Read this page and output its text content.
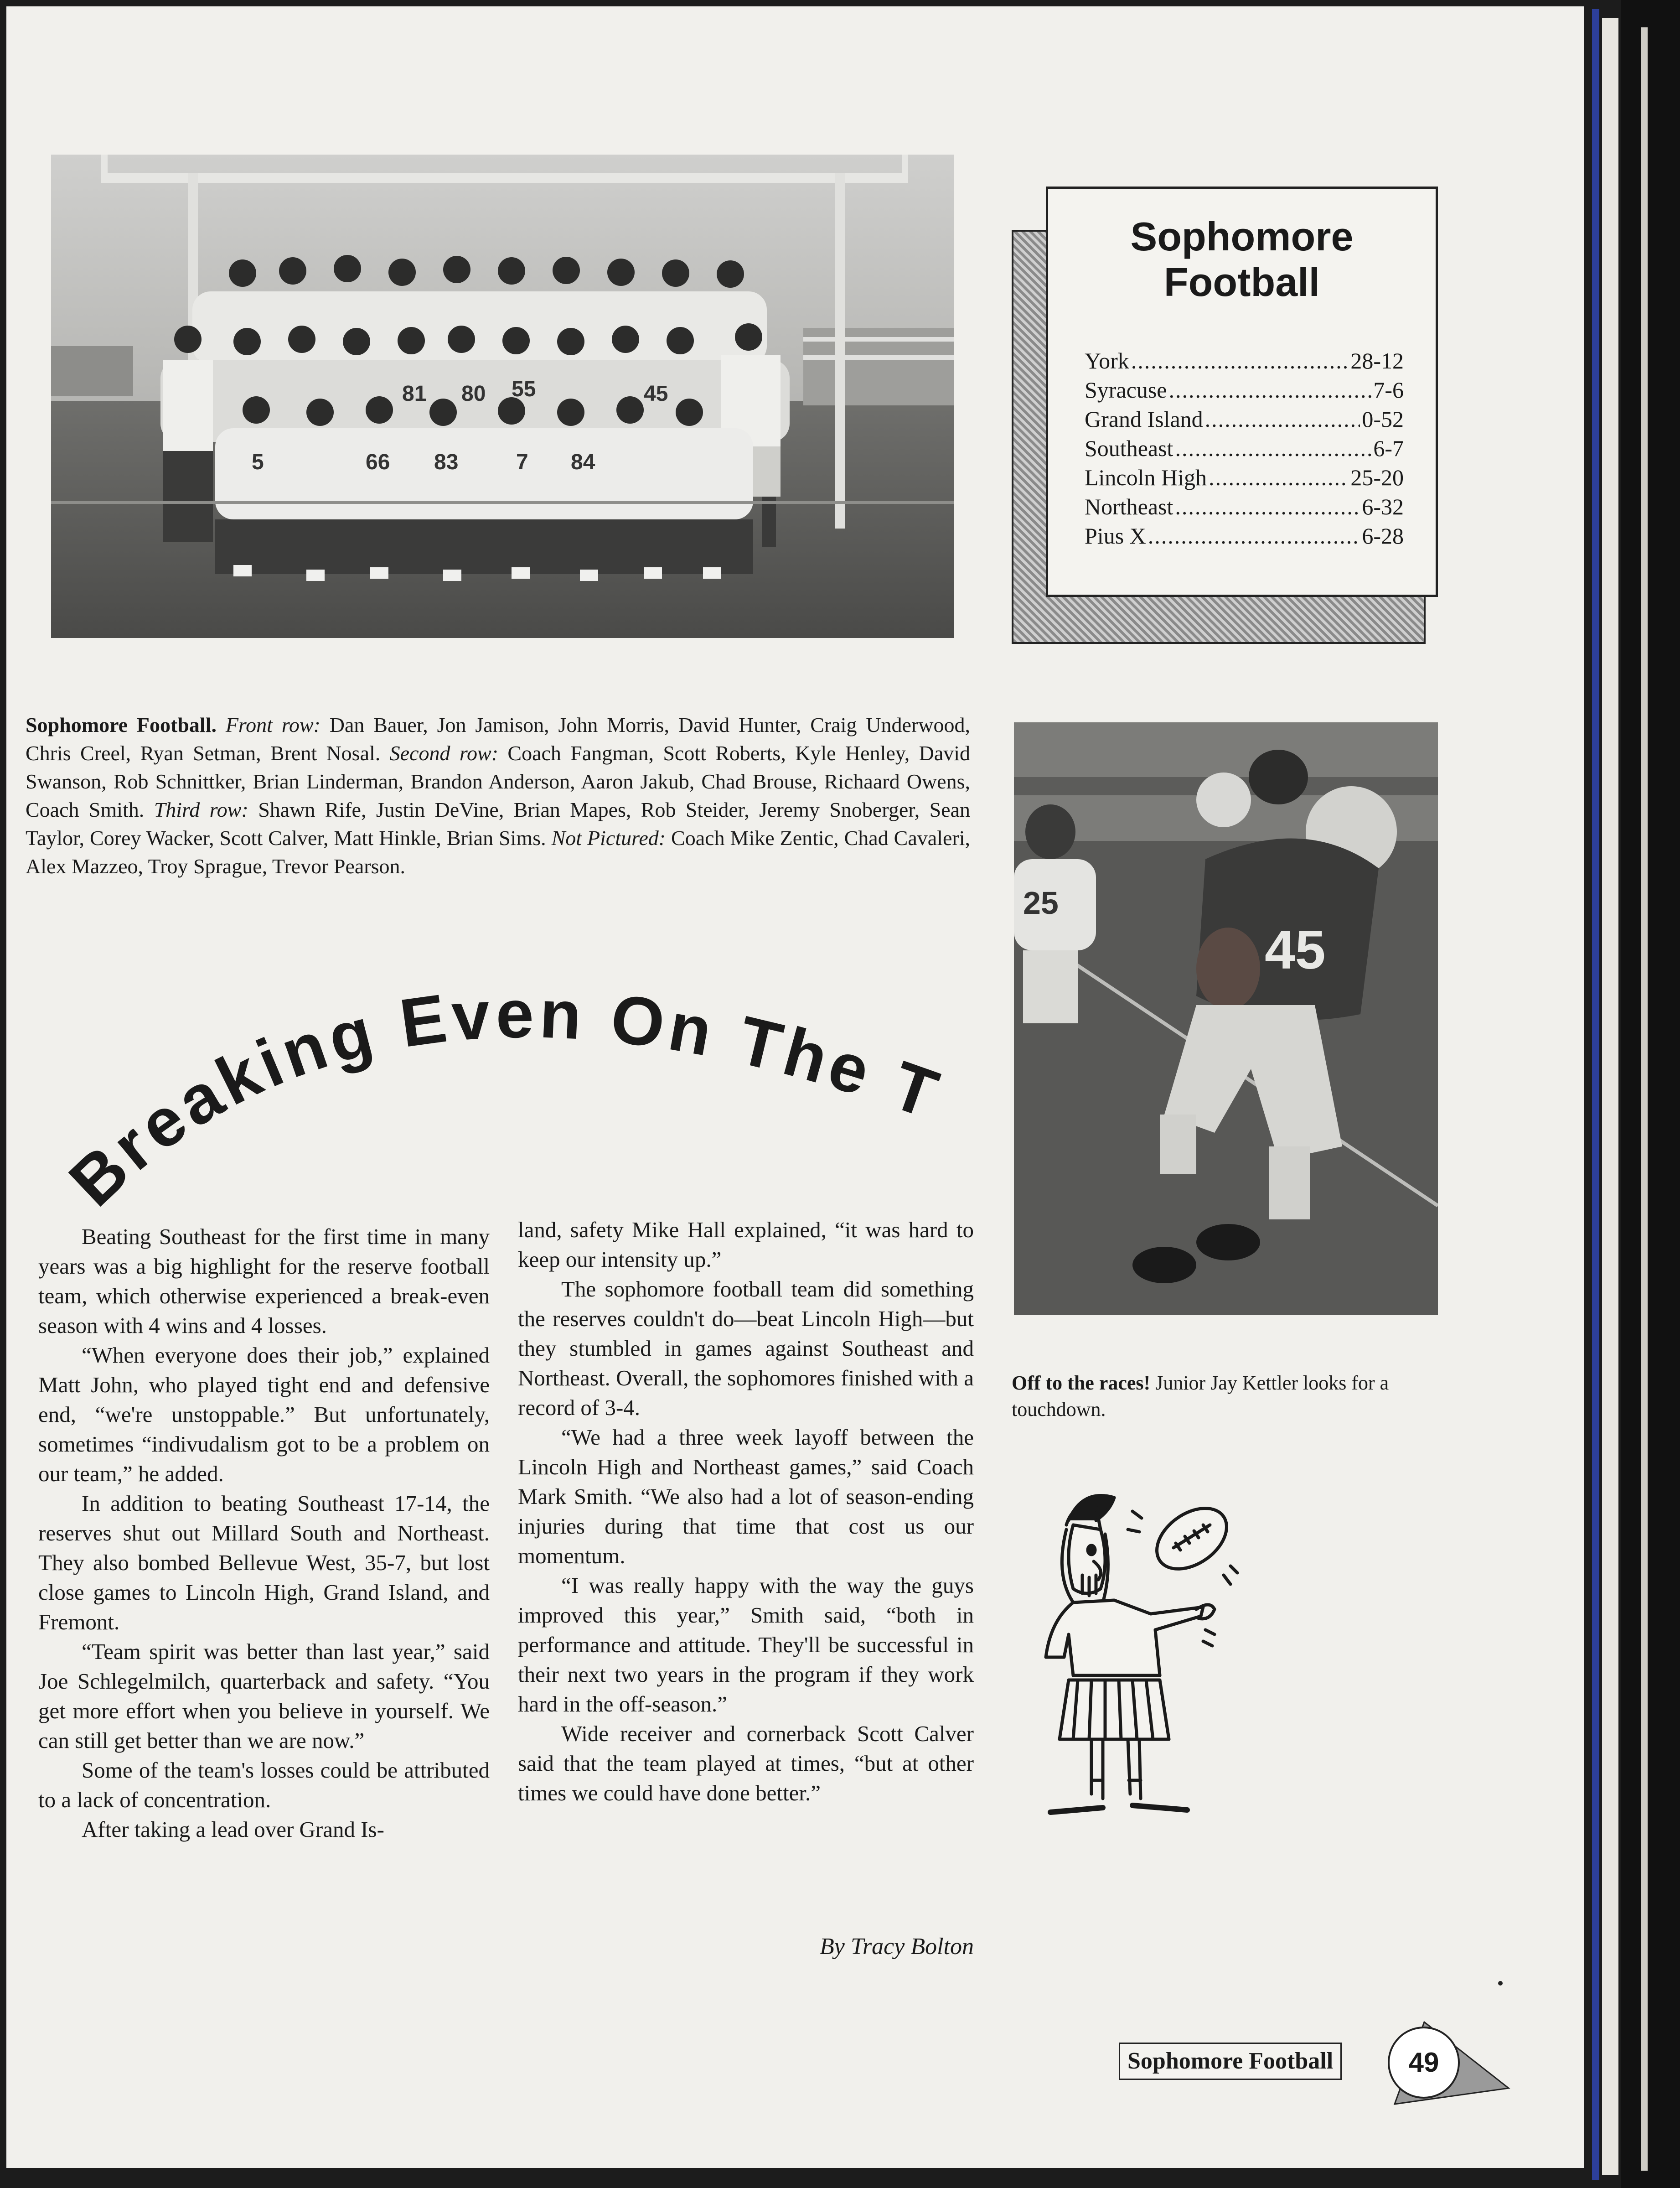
55
81 80	45
5	66 83	7 84
Sophomore
Football
York .....	28-12
Syracuse .....	7-6
Grand Island .....	0-52
Southeast .....	6-7
Lincoln High .....	25-20
Northeast .....	6-32
Pius X .....	6-28
Sophomore Football. Front row: Dan Bauer, Jon Jamison, John Morris, David Hunter, Craig Underwood, Chris Creel, Ryan Setman, Brent Nosal. Second row: Coach Fangman, Scott Roberts, Kyle Henley, David Swanson, Rob Schnittker, Brian Linderman, Brandon Anderson, Aaron Jakub, Chad Brouse, Richaard Owens, Coach Smith. Third row: Shawn Rife, Justin DeVine, Brian Mapes, Rob Steider, Jeremy Snoberger, Sean Taylor, Corey Wacker, Scott Calver, Matt Hinkle, Brian Sims. Not Pictured: Coach Mike Zentic, Chad Cavaleri, Alex Mazzeo, Troy Sprague, Trevor Pearson.
Breaking Even On The T

Beating Southeast for the first time in many years was a big highlight for the reserve football team, which otherwise experienced a break-even season with 4 wins and 4 losses.

“When everyone does their job,” explained Matt John, who played tight end and defensive end, “we're unstoppable.” But unfortunately, sometimes “indivudalism got to be a problem on our team,” he added.

In addition to beating Southeast 17-14, the reserves shut out Millard South and Northeast. They also bombed Bellevue West, 35-7, but lost close games to Lincoln High, Grand Island, and Fremont.

“Team spirit was better than last year,” said Joe Schlegelmilch, quarterback and safety. “You get more effort when you believe in yourself. We can still get better than we are now.”

Some of the team's losses could be attributed to a lack of concentration.

After taking a lead over Grand Is-

land, safety Mike Hall explained, “it was hard to keep our intensity up.”

The sophomore football team did something the reserves couldn't do—beat Lincoln High—but they stumbled in games against Southeast and Northeast. Overall, the sophomores finished with a record of 3-4.

“We had a three week layoff between the Lincoln High and Northeast games,” said Coach Mark Smith. “We also had a lot of season-ending injuries during that time that cost us our momentum.

“I was really happy with the way the guys improved this year,” Smith said, “both in performance and attitude. They'll be successful in their next two years in the program if they work hard in the off-season.”

Wide receiver and cornerback Scott Calver said that the team played at times, “but at other times we could have done better.”

By Tracy Bolton
45
25
Off to the races! Junior Jay Kettler looks for a touchdown.
Sophomore Football	49
